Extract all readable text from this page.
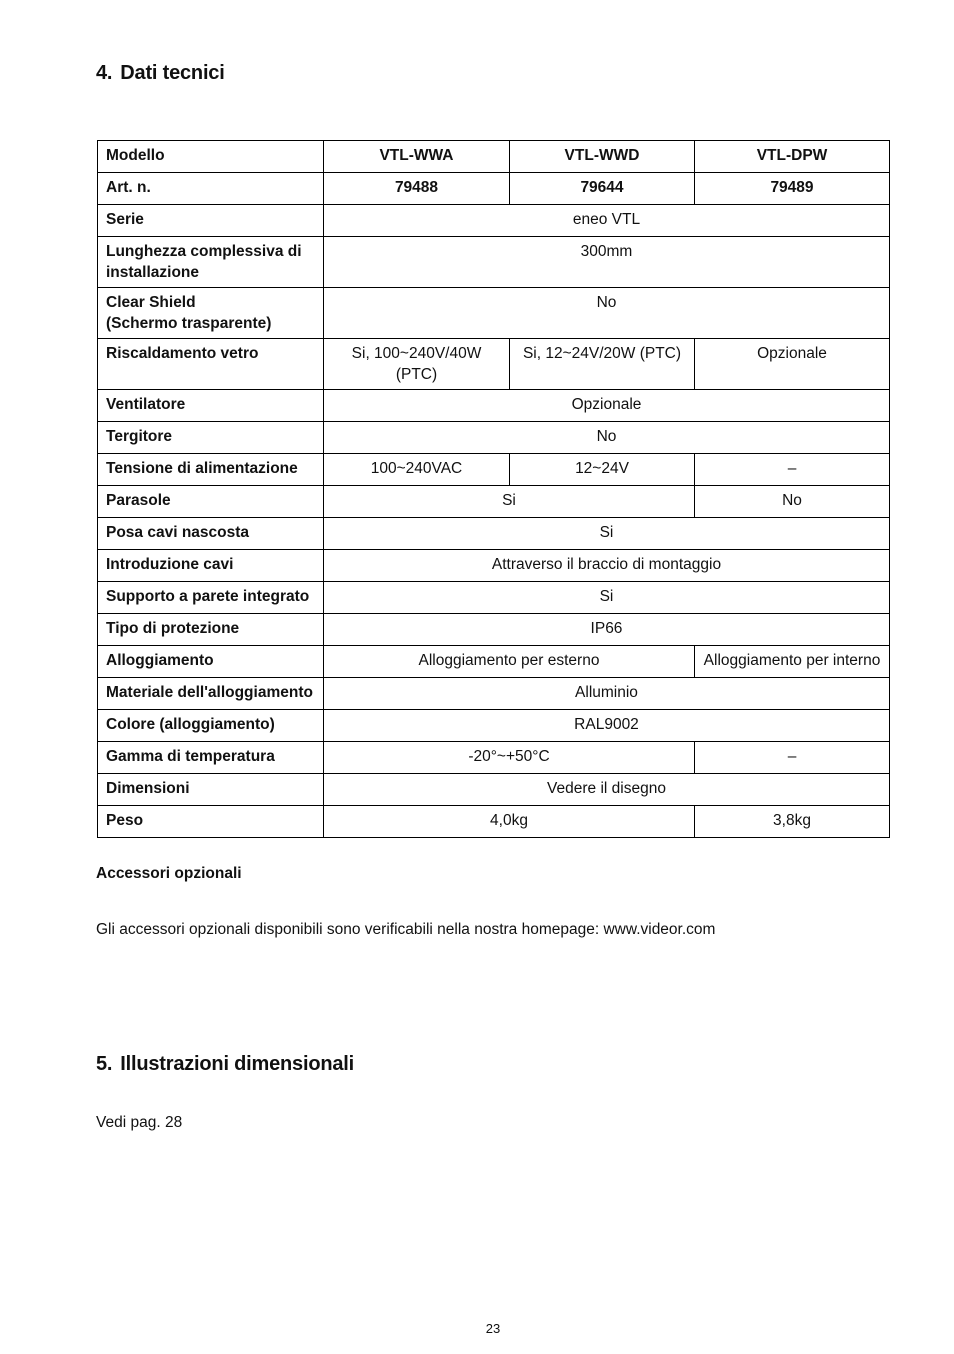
4. Dati tecnici
Modello	VTL-WWA	VTL-WWD	VTL-DPW
Art. n.	79488	79644	79489
Serie	eneo VTL		
Lunghezza complessiva di installazione	300mm		
Clear Shield
(Schermo trasparente)	No		
Riscaldamento vetro	Si, 100~240V/40W (PTC)	Si, 12~24V/20W (PTC)	Opzionale
Ventilatore	Opzionale		
Tergitore	No		
Tensione di alimentazione	100~240VAC	12~24V	–
Parasole	Si		No
Posa cavi nascosta	Si		
Introduzione cavi	Attraverso il braccio di montaggio		
Supporto a parete integrato	Si		
Tipo di protezione	IP66		
Alloggiamento	Alloggiamento per esterno		Alloggiamento per interno
Materiale dell'alloggiamento	Alluminio		
Colore (alloggiamento)	RAL9002		
Gamma di temperatura	-20°~+50°C		–
Dimensioni	Vedere il disegno		
Peso	4,0kg		3,8kg
Accessori opzionali
Gli accessori opzionali disponibili sono verificabili nella nostra homepage: www.videor.com
5. Illustrazioni dimensionali
Vedi pag. 28
23
